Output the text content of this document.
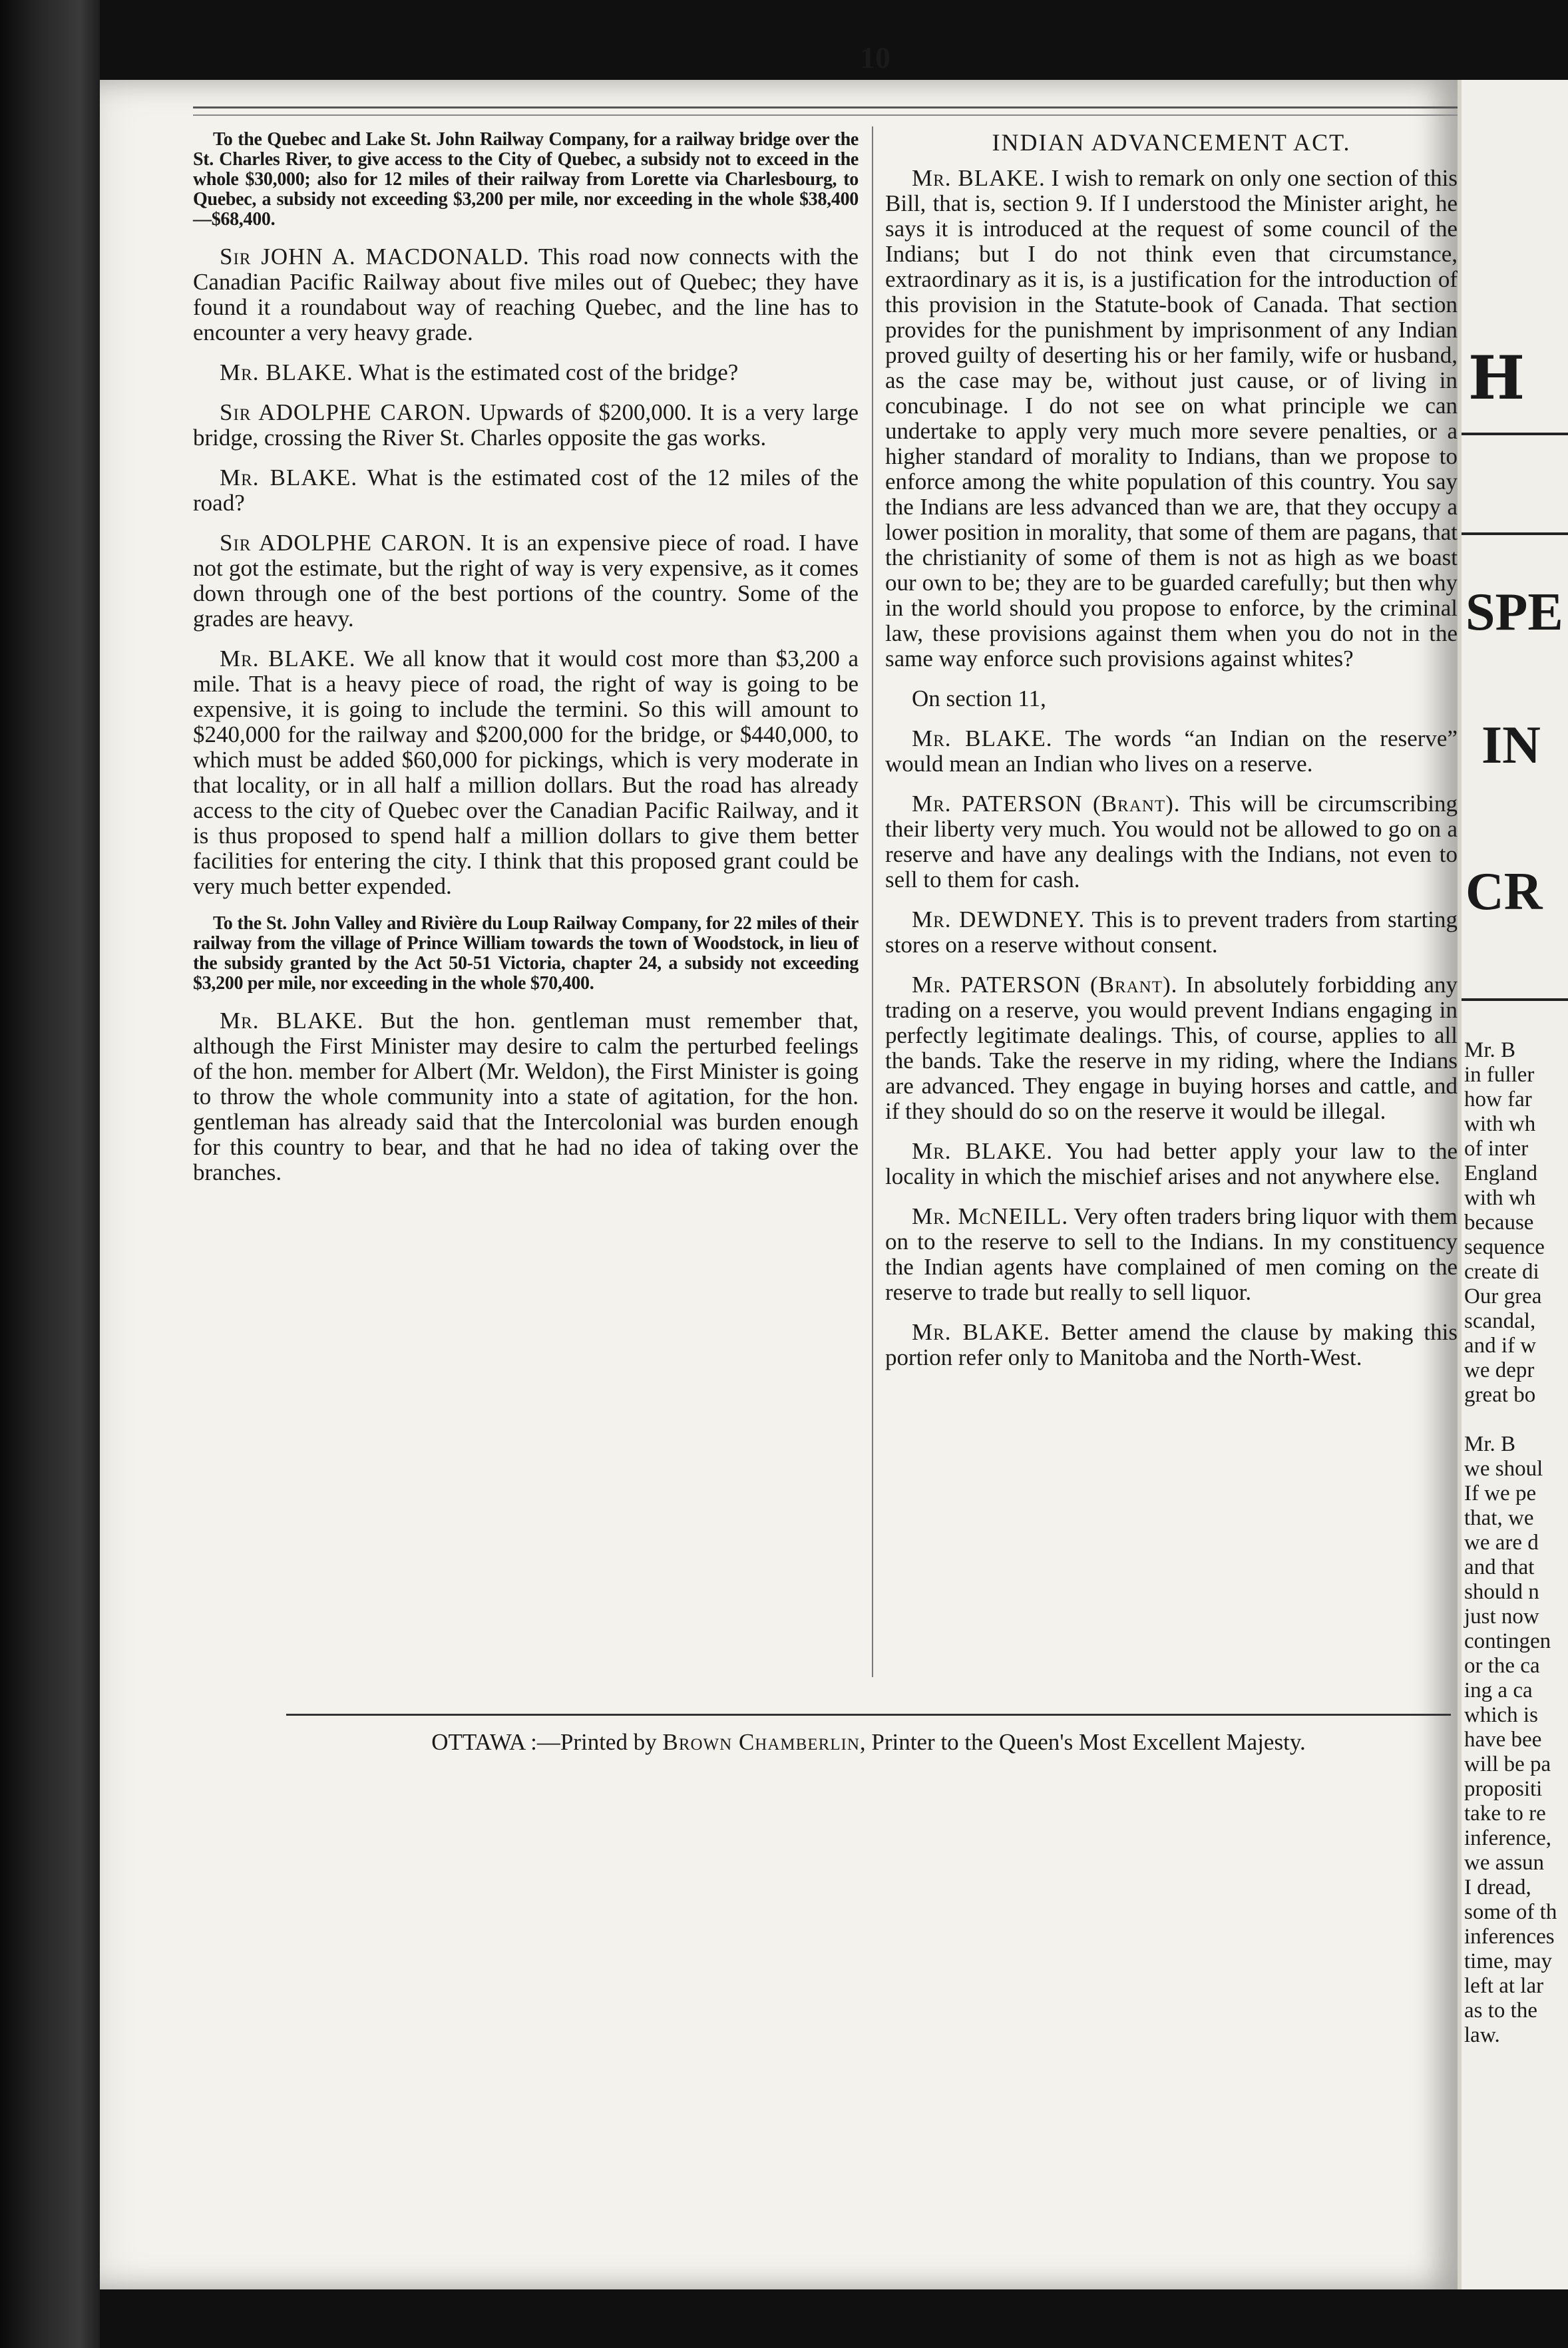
10

To the Quebec and Lake St. John Railway Company, for a railway bridge over the St. Charles River, to give access to the City of Quebec, a subsidy not to exceed in the whole $30,000; also for 12 miles of their railway from Lorette via Charlesbourg, to Quebec, a subsidy not exceeding $3,200 per mile, nor exceeding in the whole $38,400—$68,400.

Sir JOHN A. MACDONALD. This road now connects with the Canadian Pacific Railway about five miles out of Quebec; they have found it a roundabout way of reaching Quebec, and the line has to encounter a very heavy grade.

Mr. BLAKE. What is the estimated cost of the bridge?

Sir ADOLPHE CARON. Upwards of $200,000. It is a very large bridge, crossing the River St. Charles opposite the gas works.

Mr. BLAKE. What is the estimated cost of the 12 miles of the road?

Sir ADOLPHE CARON. It is an expensive piece of road. I have not got the estimate, but the right of way is very expensive, as it comes down through one of the best portions of the country. Some of the grades are heavy.

Mr. BLAKE. We all know that it would cost more than $3,200 a mile. That is a heavy piece of road, the right of way is going to be expensive, it is going to include the termini. So this will amount to $240,000 for the railway and $200,000 for the bridge, or $440,000, to which must be added $60,000 for pickings, which is very moderate in that locality, or in all half a million dollars. But the road has already access to the city of Quebec over the Canadian Pacific Railway, and it is thus proposed to spend half a million dollars to give them better facilities for entering the city. I think that this proposed grant could be very much better expended.

To the St. John Valley and Rivière du Loup Railway Company, for 22 miles of their railway from the village of Prince William towards the town of Woodstock, in lieu of the subsidy granted by the Act 50-51 Victoria, chapter 24, a subsidy not exceeding $3,200 per mile, nor exceeding in the whole $70,400.

Mr. BLAKE. But the hon. gentleman must remember that, although the First Minister may desire to calm the perturbed feelings of the hon. member for Albert (Mr. Weldon), the First Minister is going to throw the whole community into a state of agitation, for the hon. gentleman has already said that the Intercolonial was burden enough for this country to bear, and that he had no idea of taking over the branches.

INDIAN ADVANCEMENT ACT.

Mr. BLAKE. I wish to remark on only one section of this Bill, that is, section 9. If I understood the Minister aright, he says it is introduced at the request of some council of the Indians; but I do not think even that circumstance, extraordinary as it is, is a justification for the introduction of this provision in the Statute-book of Canada. That section provides for the punishment by imprisonment of any Indian proved guilty of deserting his or her family, wife or husband, as the case may be, without just cause, or of living in concubinage. I do not see on what principle we can undertake to apply very much more severe penalties, or a higher standard of morality to Indians, than we propose to enforce among the white population of this country. You say the Indians are less advanced than we are, that they occupy a lower position in morality, that some of them are pagans, that the christianity of some of them is not as high as we boast our own to be; they are to be guarded carefully; but then why in the world should you propose to enforce, by the criminal law, these provisions against them when you do not in the same way enforce such provisions against whites?

On section 11,

Mr. BLAKE. The words “an Indian on the reserve” would mean an Indian who lives on a reserve.

Mr. PATERSON (Brant). This will be circumscribing their liberty very much. You would not be allowed to go on a reserve and have any dealings with the Indians, not even to sell to them for cash.

Mr. DEWDNEY. This is to prevent traders from starting stores on a reserve without consent.

Mr. PATERSON (Brant). In absolutely forbidding any trading on a reserve, you would prevent Indians engaging in perfectly legitimate dealings. This, of course, applies to all the bands. Take the reserve in my riding, where the Indians are advanced. They engage in buying horses and cattle, and if they should do so on the reserve it would be illegal.

Mr. BLAKE. You had better apply your law to the locality in which the mischief arises and not anywhere else.

Mr. McNEILL. Very often traders bring liquor with them on to the reserve to sell to the Indians. In my constituency the Indian agents have complained of men coming on the reserve to trade but really to sell liquor.

Mr. BLAKE. Better amend the clause by making this portion refer only to Manitoba and the North-West.

OTTAWA :—Printed by Brown Chamberlin, Printer to the Queen's Most Excellent Majesty.
H
SPE
IN
CR
Mr. B
in fuller
how far
with wh
of inter
England
with wh
because
sequence
create di
Our grea
scandal,
and if w
we depr
great bo
Mr. B
we shoul
If we pe
that, we
we are d
and that
should n
just now
contingen
or the ca
ing a ca
which is
have bee
will be pa
propositi
take to re
inference,
we assun
I dread,
some of th
inferences
time, may
left at lar
as to the
law.
